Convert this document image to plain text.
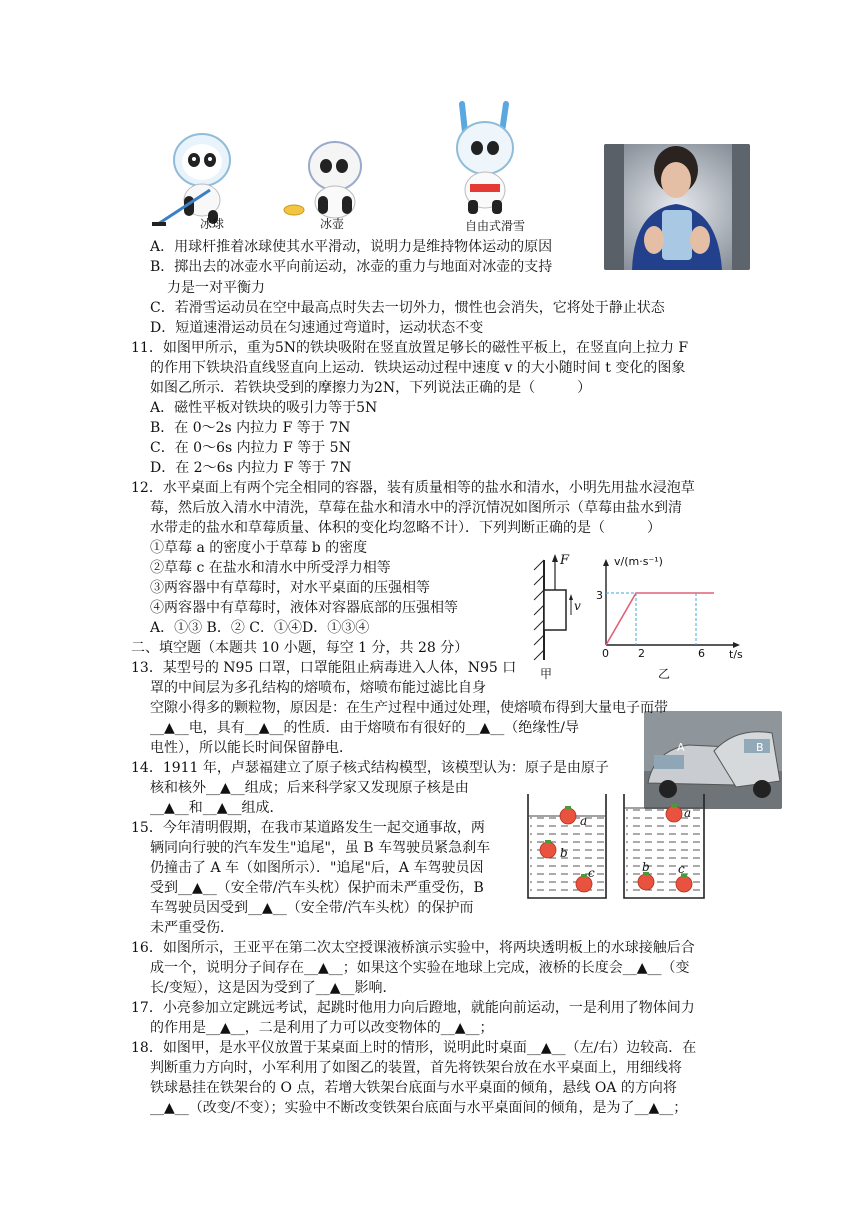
冰球	冰壶	自由式滑雪
F
v
v/(m·s⁻¹)
t/s
3
0	2	6
甲	乙
A	B
a
b
c
a
b c
A．用球杆推着冰球使其水平滑动，说明力是维持物体运动的原因
B．掷出去的冰壶水平向前运动，冰壶的重力与地面对冰壶的支持
力是一对平衡力
C．若滑雪运动员在空中最高点时失去一切外力，惯性也会消失，它将处于静止状态
D．短道速滑运动员在匀速通过弯道时，运动状态不变
11．如图甲所示，重为5N的铁块吸附在竖直放置足够长的磁性平板上，在竖直向上拉力 F
的作用下铁块沿直线竖直向上运动．铁块运动过程中速度 v 的大小随时间 t 变化的图象
如图乙所示．若铁块受到的摩擦力为2N，下列说法正确的是（　　　）
A．磁性平板对铁块的吸引力等于5N
B．在 0～2s 内拉力 F 等于 7N
C．在 0～6s 内拉力 F 等于 5N
D．在 2～6s 内拉力 F 等于 7N
12．水平桌面上有两个完全相同的容器，装有质量相等的盐水和清水，小明先用盐水浸泡草
莓，然后放入清水中清洗，草莓在盐水和清水中的浮沉情况如图所示（草莓由盐水到清
水带走的盐水和草莓质量、体积的变化均忽略不计）．下列判断正确的是（　　　）
①草莓 a 的密度小于草莓 b 的密度
②草莓 c 在盐水和清水中所受浮力相等
③两容器中有草莓时，对水平桌面的压强相等
④两容器中有草莓时，液体对容器底部的压强相等
A．①③ B．② C．①④D．①③④
二、填空题（本题共 10 小题，每空 1 分，共 28 分）
13．某型号的 N95 口罩，口罩能阻止病毒进入人体，N95 口
罩的中间层为多孔结构的熔喷布，熔喷布能过滤比自身
空隙小得多的颗粒物，原因是：在生产过程中通过处理，使熔喷布得到大量电子而带
__▲__电，具有__▲__的性质．由于熔喷布有很好的__▲__（绝缘性/导
电性），所以能长时间保留静电．
14．1911 年，卢瑟福建立了原子核式结构模型，该模型认为：原子是由原子
核和核外__▲__组成；后来科学家又发现原子核是由
__▲__和__▲__组成．
15．今年清明假期，在我市某道路发生一起交通事故，两
辆同向行驶的汽车发生"追尾"，虽 B 车驾驶员紧急刹车
仍撞击了 A 车（如图所示）．"追尾"后，A 车驾驶员因
受到__▲__（安全带/汽车头枕）保护而未严重受伤，B
车驾驶员因受到__▲__（安全带/汽车头枕）的保护而
未严重受伤．
16．如图所示，王亚平在第二次太空授课液桥演示实验中，将两块透明板上的水球接触后合
成一个，说明分子间存在__▲__；如果这个实验在地球上完成，液桥的长度会__▲__（变
长/变短），这是因为受到了__▲__影响．
17．小亮参加立定跳远考试，起跳时他用力向后蹬地，就能向前运动，一是利用了物体间力
的作用是__▲__，二是利用了力可以改变物体的__▲__；
18．如图甲，是水平仪放置于某桌面上时的情形，说明此时桌面__▲__（左/右）边较高．在
判断重力方向时，小军利用了如图乙的装置，首先将铁架台放在水平桌面上，用细线将
铁球悬挂在铁架台的 O 点，若增大铁架台底面与水平桌面的倾角，悬线 OA 的方向将
__▲__（改变/不变）；实验中不断改变铁架台底面与水平桌面间的倾角，是为了__▲__；
